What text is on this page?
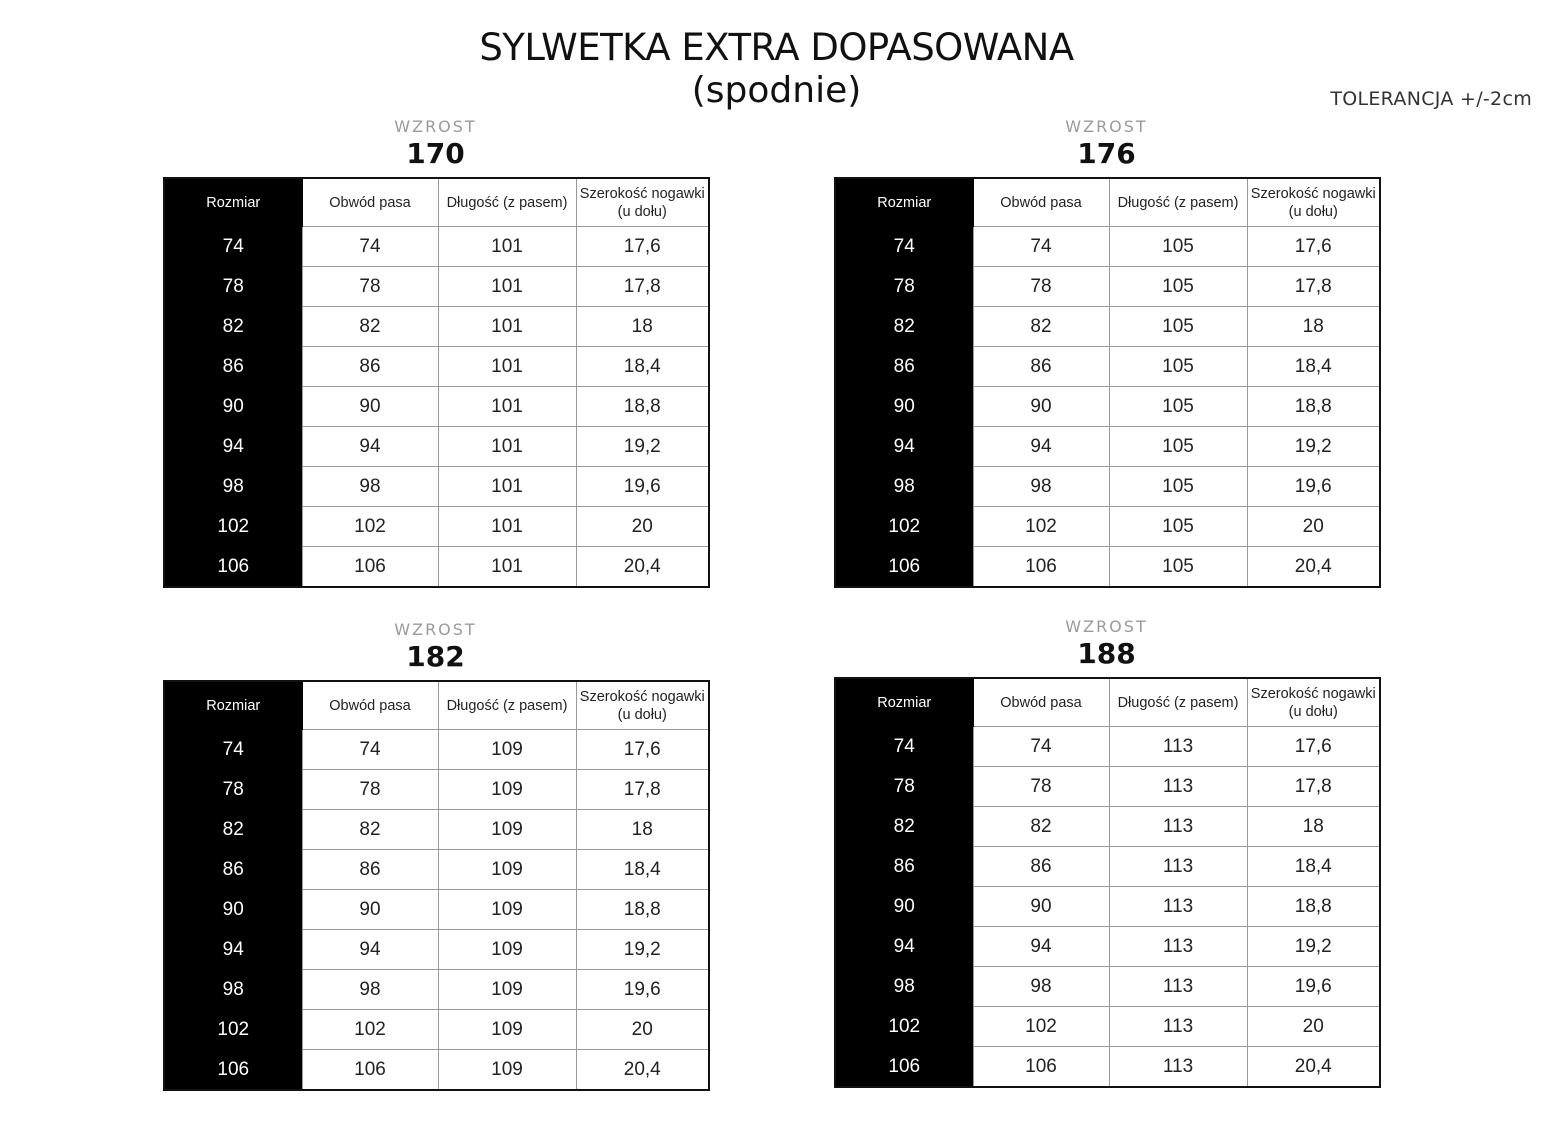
SYLWETKA EXTRA DOPASOWANA
(spodnie)	TOLERANCJA +/-2cm
WZROST
170
Rozmiar	Obwód pasa	Długość (z pasem)	Szerokość nogawki (u dołu)
74	74	101	17,6
78	78	101	17,8
82	82	101	18
86	86	101	18,4
90	90	101	18,8
94	94	101	19,2
98	98	101	19,6
102	102	101	20
106	106	101	20,4
WZROST
176
Rozmiar	Obwód pasa	Długość (z pasem)	Szerokość nogawki (u dołu)
74	74	105	17,6
78	78	105	17,8
82	82	105	18
86	86	105	18,4
90	90	105	18,8
94	94	105	19,2
98	98	105	19,6
102	102	105	20
106	106	105	20,4
WZROST
182
Rozmiar	Obwód pasa	Długość (z pasem)	Szerokość nogawki (u dołu)
74	74	109	17,6
78	78	109	17,8
82	82	109	18
86	86	109	18,4
90	90	109	18,8
94	94	109	19,2
98	98	109	19,6
102	102	109	20
106	106	109	20,4
WZROST
188
Rozmiar	Obwód pasa	Długość (z pasem)	Szerokość nogawki (u dołu)
74	74	113	17,6
78	78	113	17,8
82	82	113	18
86	86	113	18,4
90	90	113	18,8
94	94	113	19,2
98	98	113	19,6
102	102	113	20
106	106	113	20,4
